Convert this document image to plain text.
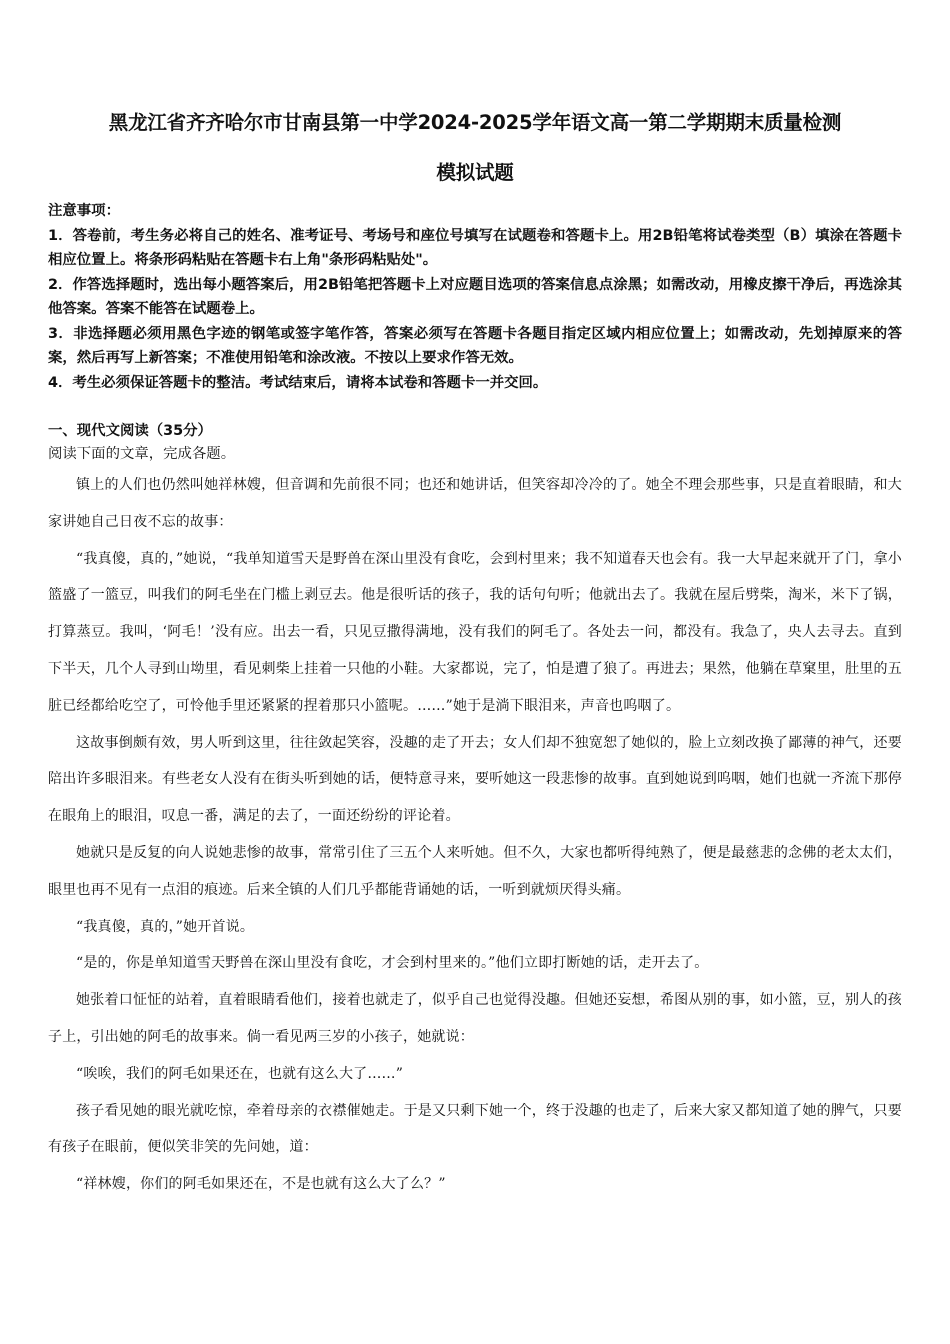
黑龙江省齐齐哈尔市甘南县第一中学2024-2025学年语文高一第二学期期末质量检测
模拟试题

注意事项：

1．答卷前，考生务必将自己的姓名、准考证号、考场号和座位号填写在试题卷和答题卡上。用2B铅笔将试卷类型（B）填涂在答题卡相应位置上。将条形码粘贴在答题卡右上角"条形码粘贴处"。

2．作答选择题时，选出每小题答案后，用2B铅笔把答题卡上对应题目选项的答案信息点涂黑；如需改动，用橡皮擦干净后，再选涂其他答案。答案不能答在试题卷上。

3．非选择题必须用黑色字迹的钢笔或签字笔作答，答案必须写在答题卡各题目指定区域内相应位置上；如需改动，先划掉原来的答案，然后再写上新答案；不准使用铅笔和涂改液。不按以上要求作答无效。

4．考生必须保证答题卡的整洁。考试结束后，请将本试卷和答题卡一并交回。

一、现代文阅读（35分）

阅读下面的文章，完成各题。

镇上的人们也仍然叫她祥林嫂，但音调和先前很不同；也还和她讲话，但笑容却冷冷的了。她全不理会那些事，只是直着眼睛，和大家讲她自己日夜不忘的故事：

“我真傻，真的，”她说，“我单知道雪天是野兽在深山里没有食吃，会到村里来；我不知道春天也会有。我一大早起来就开了门，拿小篮盛了一篮豆，叫我们的阿毛坐在门槛上剥豆去。他是很听话的孩子，我的话句句听；他就出去了。我就在屋后劈柴，淘米，米下了锅，打算蒸豆。我叫，‘阿毛！’没有应。出去一看，只见豆撒得满地，没有我们的阿毛了。各处去一问，都没有。我急了，央人去寻去。直到下半天，几个人寻到山坳里，看见刺柴上挂着一只他的小鞋。大家都说，完了，怕是遭了狼了。再进去；果然，他躺在草窠里，肚里的五脏已经都给吃空了，可怜他手里还紧紧的捏着那只小篮呢。……”她于是淌下眼泪来，声音也呜咽了。

这故事倒颇有效，男人听到这里，往往敛起笑容，没趣的走了开去；女人们却不独宽恕了她似的，脸上立刻改换了鄙薄的神气，还要陪出许多眼泪来。有些老女人没有在街头听到她的话，便特意寻来，要听她这一段悲惨的故事。直到她说到呜咽，她们也就一齐流下那停在眼角上的眼泪，叹息一番，满足的去了，一面还纷纷的评论着。

她就只是反复的向人说她悲惨的故事，常常引住了三五个人来听她。但不久，大家也都听得纯熟了，便是最慈悲的念佛的老太太们，眼里也再不见有一点泪的痕迹。后来全镇的人们几乎都能背诵她的话，一听到就烦厌得头痛。

“我真傻，真的，”她开首说。

“是的，你是单知道雪天野兽在深山里没有食吃，才会到村里来的。”他们立即打断她的话，走开去了。

她张着口怔怔的站着，直着眼睛看他们，接着也就走了，似乎自己也觉得没趣。但她还妄想，希图从别的事，如小篮，豆，别人的孩子上，引出她的阿毛的故事来。倘一看见两三岁的小孩子，她就说：

“唉唉，我们的阿毛如果还在，也就有这么大了……”

孩子看见她的眼光就吃惊，牵着母亲的衣襟催她走。于是又只剩下她一个，终于没趣的也走了，后来大家又都知道了她的脾气，只要有孩子在眼前，便似笑非笑的先问她，道：

“祥林嫂，你们的阿毛如果还在，不是也就有这么大了么？”
